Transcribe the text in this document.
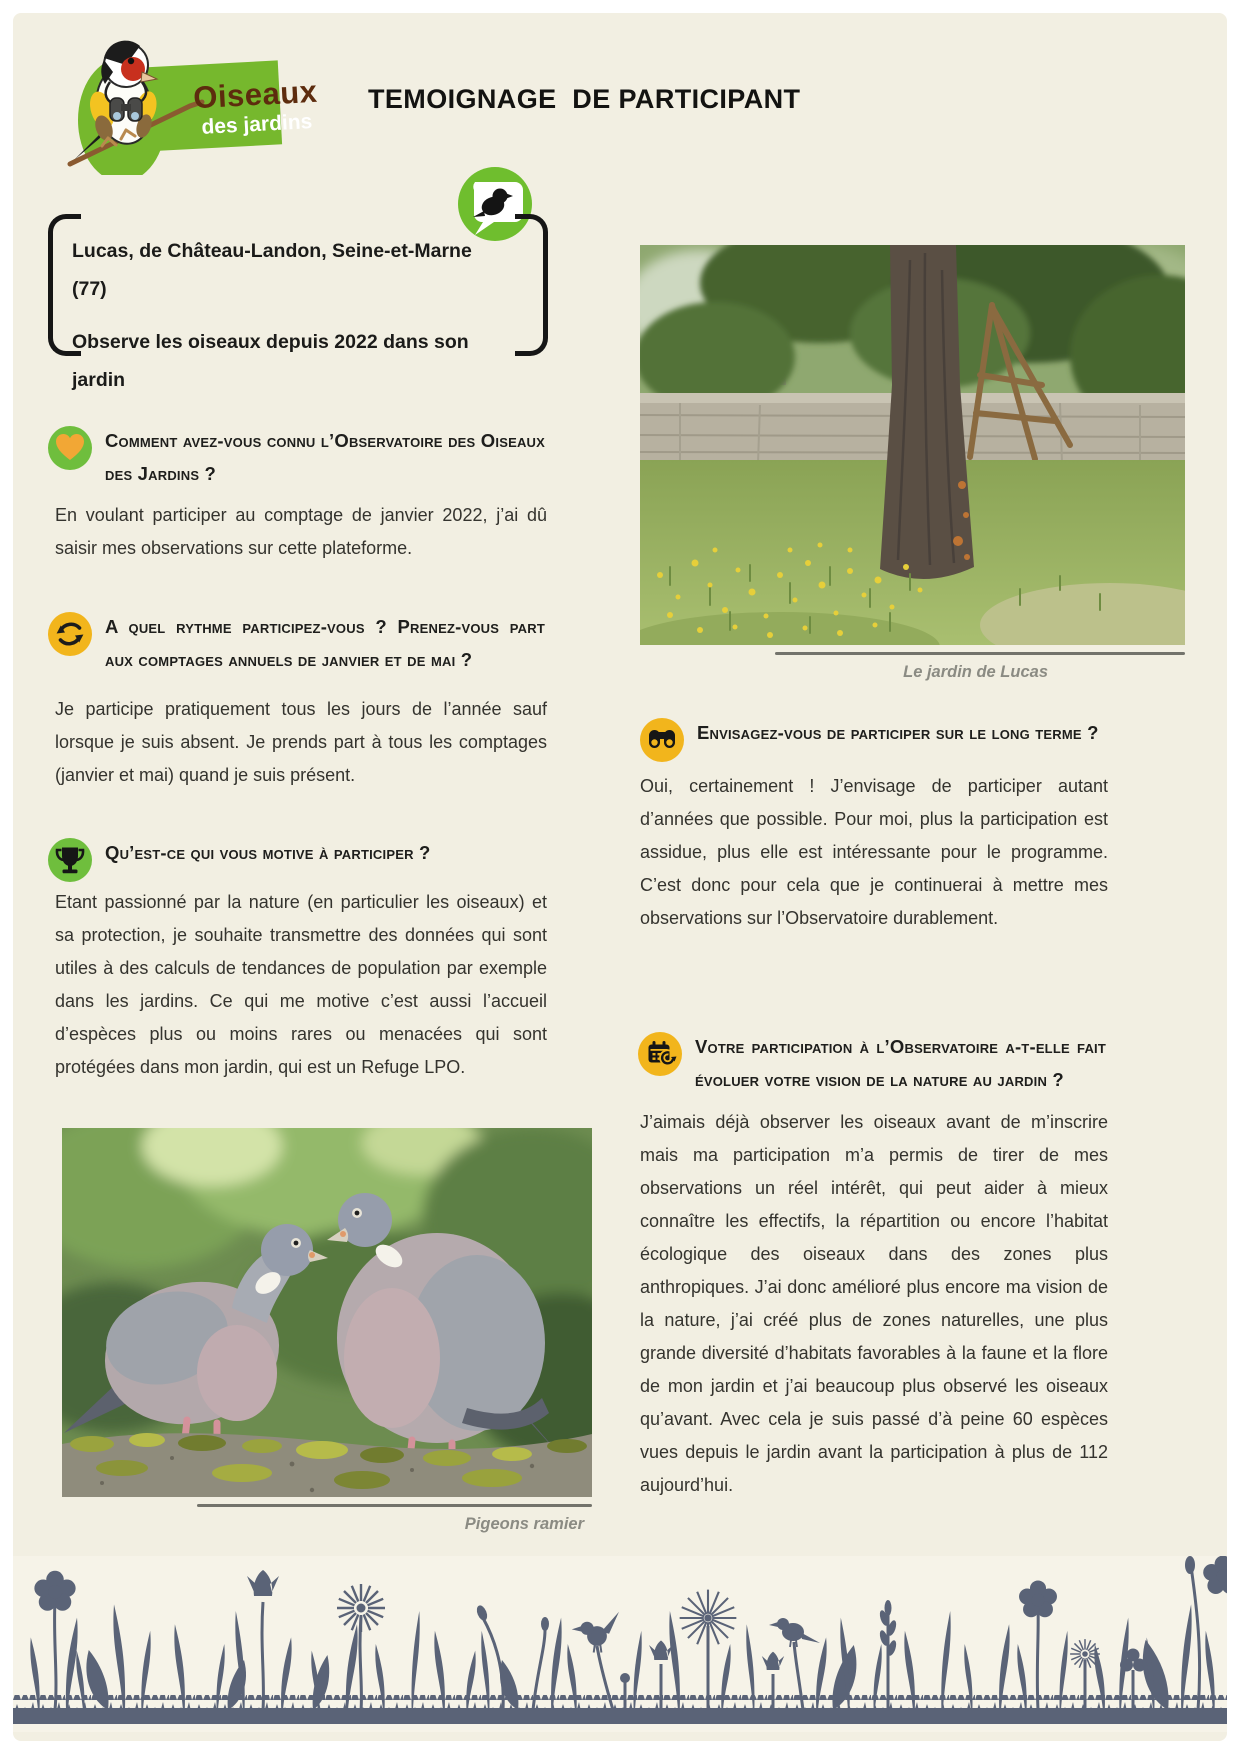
Oiseaux
des jardins
TEMOIGNAGE  DE PARTICIPANT

Lucas, de Château-Landon, Seine-et-Marne (77)

Observe les oiseaux depuis 2022 dans son jardin

Comment avez-vous connu l’Observatoire des Oiseaux des Jardins ?
En voulant participer au comptage de janvier 2022, j’ai dû saisir mes observations sur cette plateforme.
A quel rythme participez-vous ? Prenez-vous part aux comptages annuels de janvier et de mai ?
Je participe pratiquement tous les jours de l’année sauf lorsque je suis absent. Je prends part à tous les comptages (janvier et mai) quand je suis présent.
Qu’est-ce qui vous motive à participer ?
Etant passionné par la nature (en particulier les oiseaux) et sa protection, je souhaite transmettre des données qui sont utiles à des calculs de tendances de population par exemple dans les jardins. Ce qui me motive c’est aussi l’accueil d’espèces plus ou moins rares ou menacées qui sont protégées dans mon jardin, qui est un Refuge LPO.
Pigeons ramier
Le jardin de Lucas
Envisagez-vous de participer sur le long terme ?
Oui, certainement ! J’envisage de participer autant d’années que possible. Pour moi, plus la participation est assidue, plus elle est intéressante pour le programme. C’est donc pour cela que je continuerai à mettre mes observations sur l’Observatoire durablement.
Votre participation à l’Observatoire a-t-elle fait évoluer votre vision de la nature au jardin ?
J’aimais déjà observer les oiseaux avant de m’inscrire mais ma participation m’a permis de tirer de mes observations un réel intérêt, qui peut aider à mieux connaître les effectifs, la répartition ou encore l’habitat écologique des oiseaux dans des zones plus anthropiques. J’ai donc amélioré plus encore ma vision de la nature, j’ai créé plus de zones naturelles, une plus grande diversité d’habitats favorables à la faune et la flore de mon jardin et j’ai beaucoup plus observé les oiseaux qu’avant. Avec cela je suis passé d’à peine 60 espèces vues depuis le jardin avant la participation à plus de 112 aujourd’hui.
